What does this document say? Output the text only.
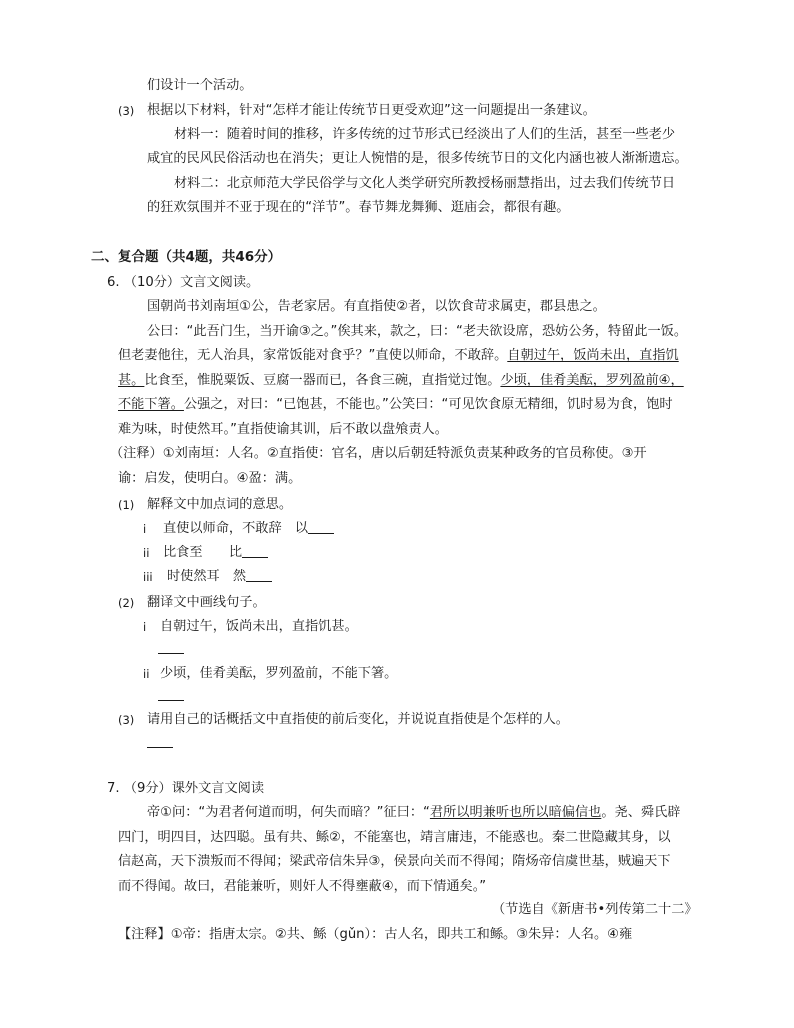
们设计一个活动。
(3) 根据以下材料，针对“怎样才能让传统节日更受欢迎”这一问题提出一条建议。
材料一：随着时间的推移，许多传统的过节形式已经淡出了人们的生活，甚至一些老少
咸宜的民风民俗活动也在消失；更让人惋惜的是，很多传统节日的文化内涵也被人渐渐遗忘。
材料二：北京师范大学民俗学与文化人类学研究所教授杨丽慧指出，过去我们传统节日
的狂欢氛围并不亚于现在的“洋节”。春节舞龙舞狮、逛庙会，都很有趣。
二、复合题（共4题，共46分）
6. （10分）文言文阅读。
国朝尚书刘南垣①公，告老家居。有直指使②者，以饮食苛求属吏，郡县患之。
公曰：“此吾门生，当开谕③之。”俟其来，款之，曰：“老夫欲设席，恐妨公务，特留此一饭。
但老妻他往，无人治具，家常饭能对食乎？”直使以师命，不敢辞。自朝过午，饭尚未出，直指饥
甚。比食至，惟脱粟饭、豆腐一器而已，各食三碗，直指觉过饱。少顷，佳肴美酝，罗列盈前④，
不能下箸。公强之，对曰：“已饱甚，不能也。”公笑曰：“可见饮食原无精细，饥时易为食，饱时
难为味，时使然耳。”直指使谕其训，后不敢以盘飧责人。
（注释）①刘南垣：人名。②直指使：官名，唐以后朝廷特派负责某种政务的官员称使。③开
谕：启发，使明白。④盈：满。
(1) 解释文中加点词的意思。
i 直使以师命，不敢辞　以
ii 比食至　　比
iii 时使然耳　然
(2) 翻译文中画线句子。
i 自朝过午，饭尚未出，直指饥甚。
ii 少顷，佳肴美酝，罗列盈前，不能下箸。
(3) 请用自己的话概括文中直指使的前后变化，并说说直指使是个怎样的人。
7. （9分）课外文言文阅读
帝①问：“为君者何道而明，何失而暗？”征曰：“君所以明兼听也所以暗偏信也。尧、舜氏辟
四门，明四目，达四聪。虽有共、鲧②，不能塞也，靖言庸违，不能惑也。秦二世隐藏其身，以
信赵高，天下溃叛而不得闻；梁武帝信朱异③，侯景向关而不得闻；隋炀帝信虞世基，贼遍天下
而不得闻。故曰，君能兼听，则奸人不得壅蔽④，而下情通矣。”
（节选自《新唐书•列传第二十二》
【注释】①帝：指唐太宗。②共、鲧（gǔn）：古人名，即共工和鲧。③朱异：人名。④雍
